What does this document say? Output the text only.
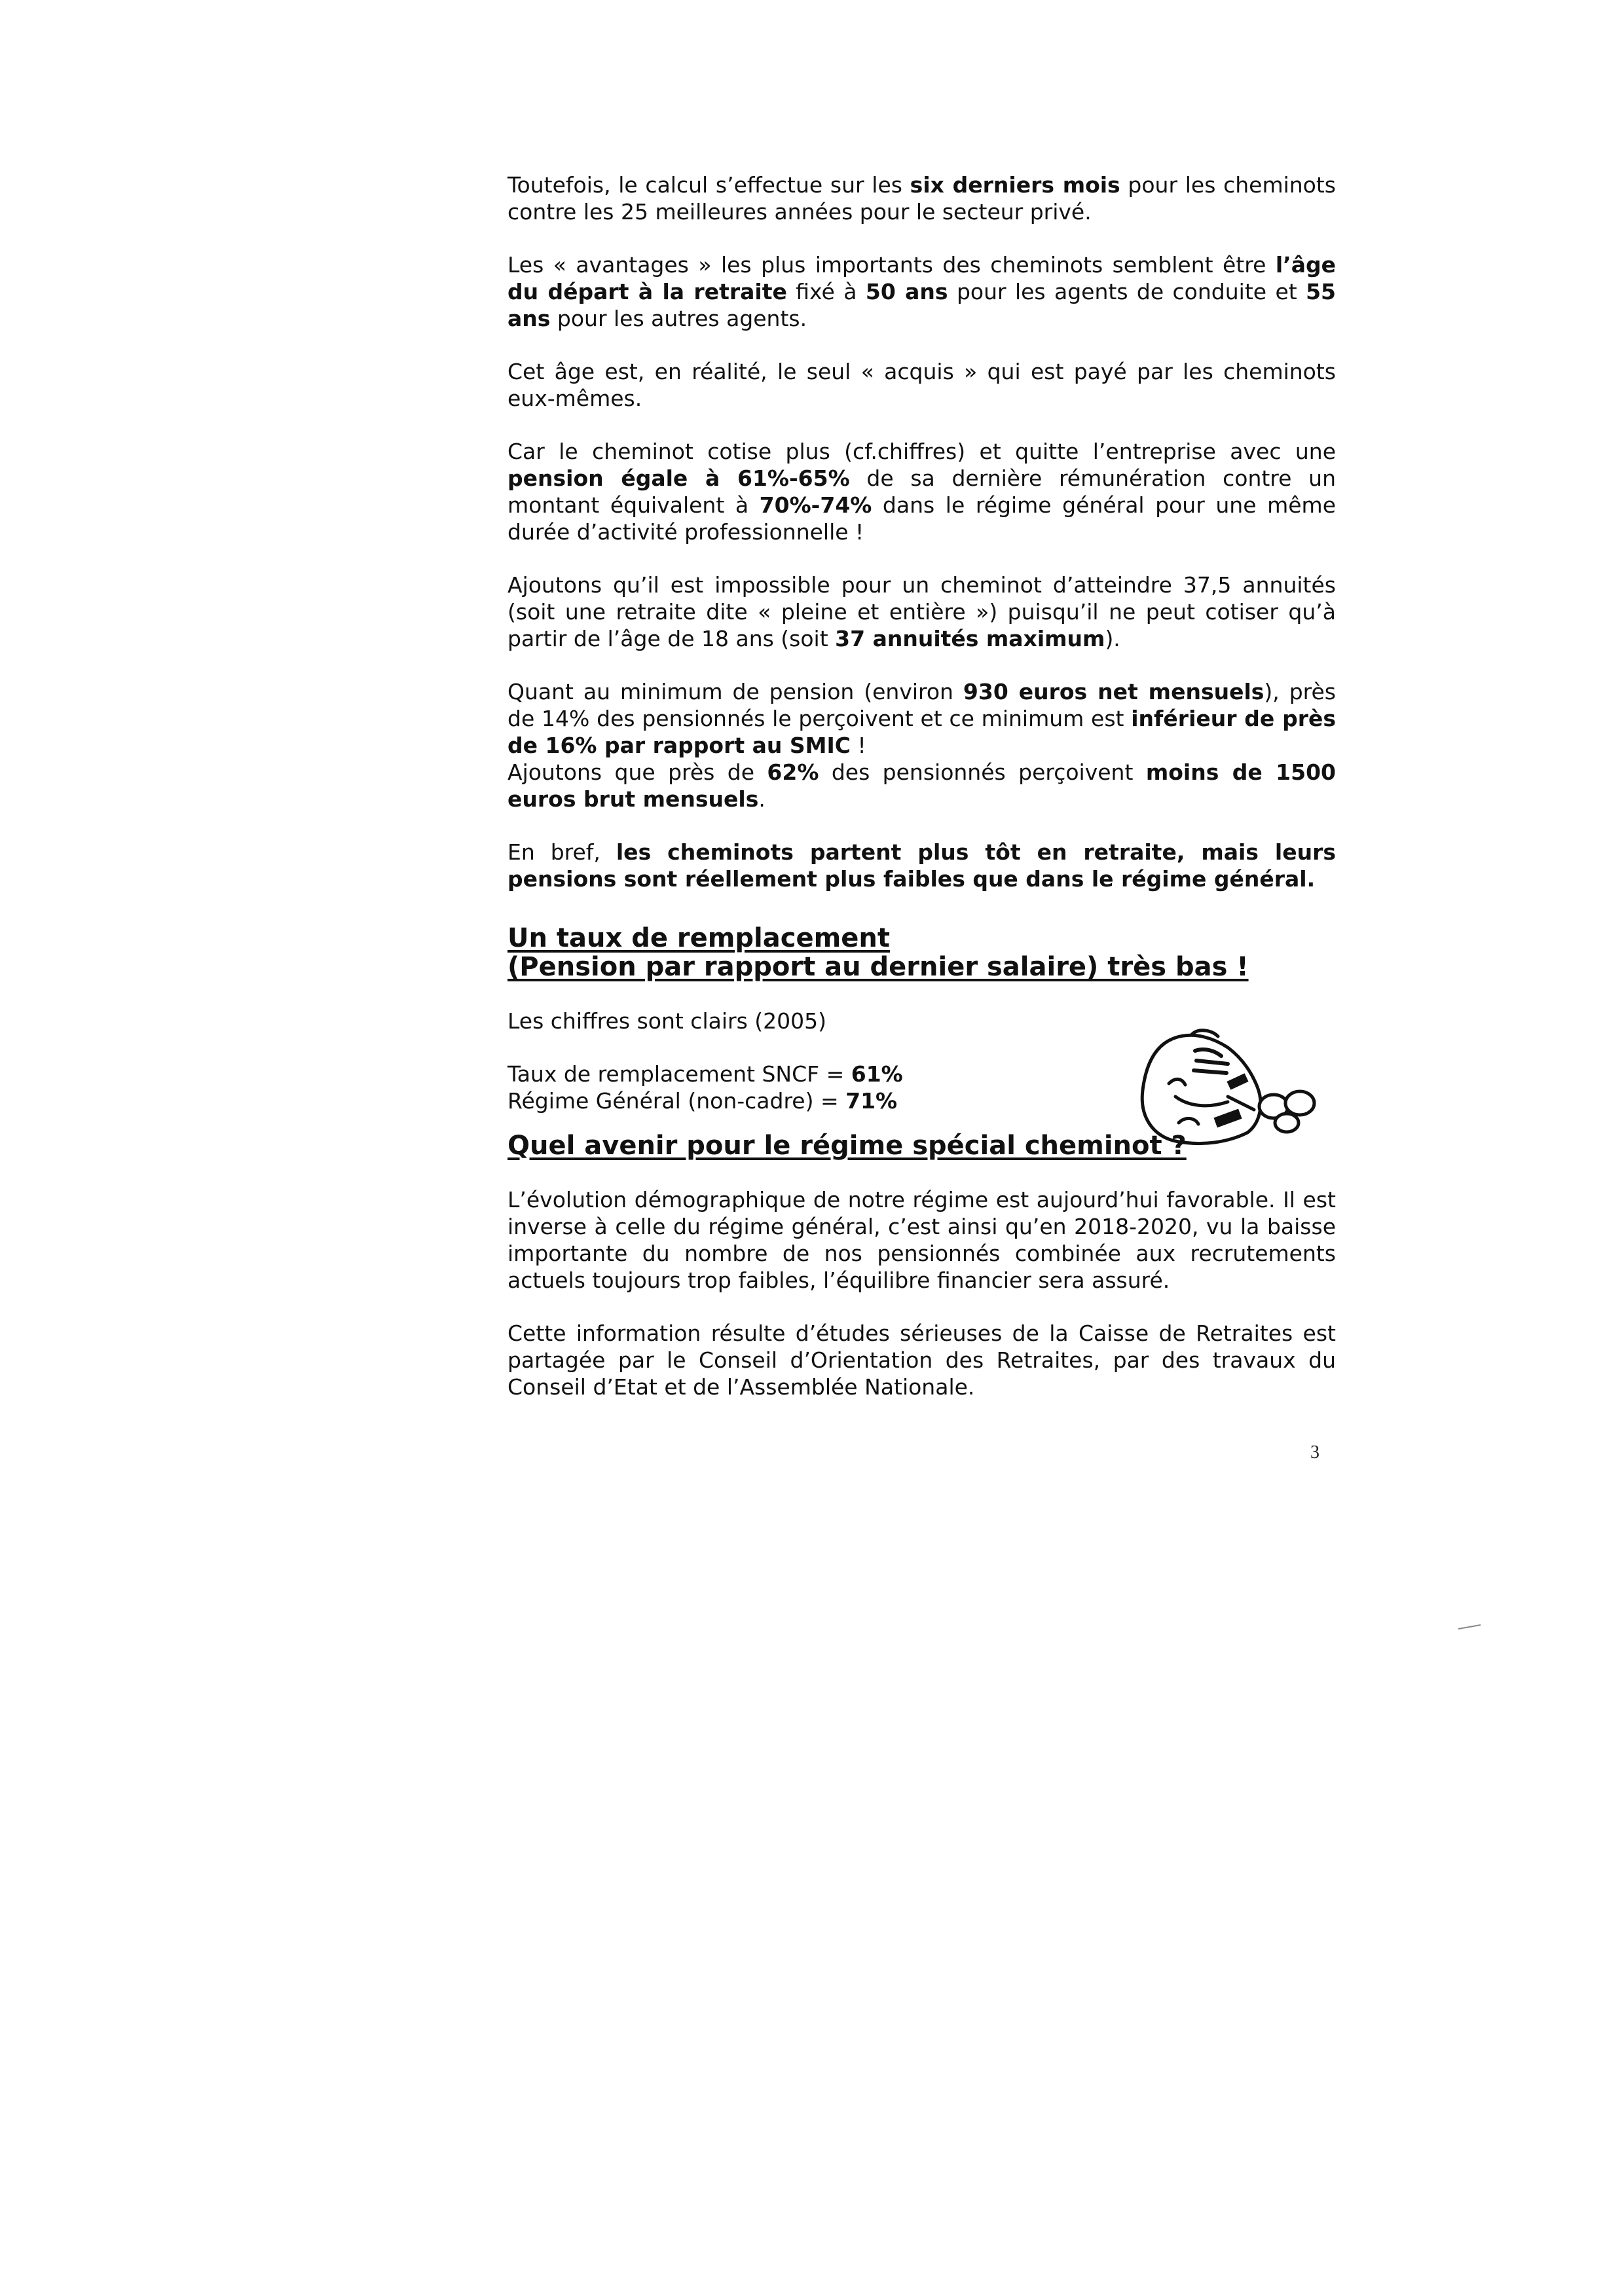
Toutefois, le calcul s’effectue sur les six derniers mois pour les cheminots contre les 25 meilleures années pour le secteur privé.

Les « avantages » les plus importants des cheminots semblent être l’âge du départ à la retraite fixé à 50 ans pour les agents de conduite et 55 ans pour les autres agents.

Cet âge est, en réalité, le seul « acquis » qui est payé par les cheminots eux-mêmes.

Car le cheminot cotise plus (cf.chiffres) et quitte l’entreprise avec une pension égale à 61%-65% de sa dernière rémunération contre un montant équivalent à 70%-74% dans le régime général pour une même durée d’activité professionnelle !

Ajoutons qu’il est impossible pour un cheminot d’atteindre 37,5 annuités (soit une retraite dite « pleine et entière ») puisqu’il ne peut cotiser qu’à partir de l’âge de 18 ans (soit 37 annuités maximum).

Quant au minimum de pension (environ 930 euros net mensuels), près de 14% des pensionnés le perçoivent et ce minimum est inférieur de près de 16% par rapport au SMIC !

Ajoutons que près de 62% des pensionnés perçoivent moins de 1500 euros brut mensuels.

En bref, les cheminots partent plus tôt en retraite, mais leurs pensions sont réellement plus faibles que dans le régime général.

Un taux de remplacement
(Pension par rapport au dernier salaire) très bas !

Les chiffres sont clairs (2005)

Taux de remplacement SNCF = 61%

Régime Général (non-cadre) = 71%

Quel avenir pour le régime spécial cheminot ?

L’évolution démographique de notre régime est aujourd’hui favorable. Il est inverse à celle du régime général, c’est ainsi qu’en 2018-2020, vu la baisse importante du nombre de nos pensionnés combinée aux recrutements actuels toujours trop faibles, l’équilibre financier sera assuré.

Cette information résulte d’études sérieuses de la Caisse de Retraites est partagée par le Conseil d’Orientation des Retraites, par des travaux du Conseil d’Etat et de l’Assemblée Nationale.

3
